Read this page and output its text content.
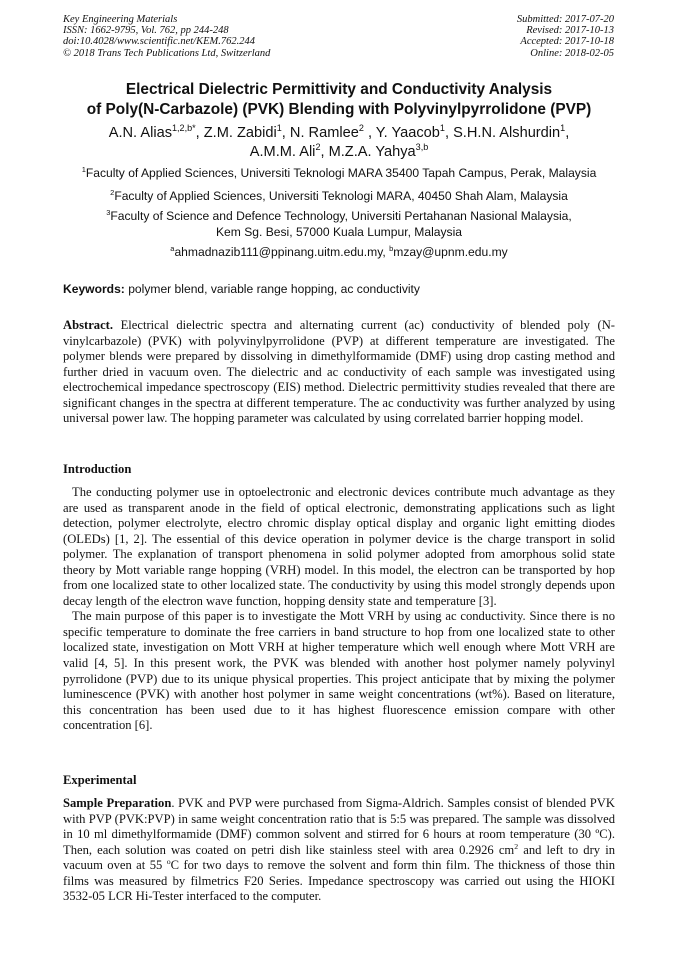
Key Engineering Materials
ISSN: 1662-9795, Vol. 762, pp 244-248
doi:10.4028/www.scientific.net/KEM.762.244
© 2018 Trans Tech Publications Ltd, Switzerland
Submitted: 2017-07-20
Revised: 2017-10-13
Accepted: 2017-10-18
Online: 2018-02-05
Electrical Dielectric Permittivity and Conductivity Analysis
of Poly(N-Carbazole) (PVK) Blending with Polyvinylpyrrolidone (PVP)
A.N. Alias$^{1,2,b*}$, Z.M. Zabidi$^1$, N. Ramlee$^2$ , Y. Yaacob$^1$, S.H.N. Alshurdin$^1$,
A.M.M. Ali$^2$, M.Z.A. Yahya$^{3,b}$
$^1$Faculty of Applied Sciences, Universiti Teknologi MARA 35400 Tapah Campus, Perak, Malaysia
$^2$Faculty of Applied Sciences, Universiti Teknologi MARA, 40450 Shah Alam, Malaysia
$^3$Faculty of Science and Defence Technology, Universiti Pertahanan Nasional Malaysia,
Kem Sg. Besi, 57000 Kuala Lumpur, Malaysia
$^a$ahmadnazib111@ppinang.uitm.edu.my, $^b$mzay@upnm.edu.my
Keywords: polymer blend, variable range hopping, ac conductivity
Abstract. Electrical dielectric spectra and alternating current (ac) conductivity of blended poly (N-vinylcarbazole) (PVK) with polyvinylpyrrolidone (PVP) at different temperature are investigated. The polymer blends were prepared by dissolving in dimethylformamide (DMF) using drop casting method and further dried in vacuum oven. The dielectric and ac conductivity of each sample was investigated using electrochemical impedance spectroscopy (EIS) method. Dielectric permittivity studies revealed that there are significant changes in the spectra at different temperature. The ac conductivity was further analyzed by using universal power law. The hopping parameter was calculated by using correlated barrier hopping model.
Introduction
The conducting polymer use in optoelectronic and electronic devices contribute much advantage as they are used as transparent anode in the field of optical electronic, demonstrating applications such as light detection, polymer electrolyte, electro chromic display optical display and organic light emitting diodes (OLEDs) [1, 2]. The essential of this device operation in polymer device is the charge transport in solid polymer. The explanation of transport phenomena in solid polymer adopted from amorphous solid state theory by Mott variable range hopping (VRH) model. In this model, the electron can be transported by hop from one localized state to other localized state. The conductivity by using this model strongly depends upon decay length of the electron wave function, hopping density state and temperature [3].
The main purpose of this paper is to investigate the Mott VRH by using ac conductivity. Since there is no specific temperature to dominate the free carriers in band structure to hop from one localized state to other localized state, investigation on Mott VRH at higher temperature which well enough where Mott VRH are valid [4, 5]. In this present work, the PVK was blended with another host polymer namely polyvinyl pyrrolidone (PVP) due to its unique physical properties. This project anticipate that by mixing the polymer luminescence (PVK) with another host polymer in same weight concentrations (wt%). Based on literature, this concentration has been used due to it has highest fluorescence emission compare with other concentration [6].
Experimental
Sample Preparation. PVK and PVP were purchased from Sigma-Aldrich. Samples consist of blended PVK with PVP (PVK:PVP) in same weight concentration ratio that is 5:5 was prepared. The sample was dissolved in 10 ml dimethylformamide (DMF) common solvent and stirred for 6 hours at room temperature (30 ºC). Then, each solution was coated on petri dish like stainless steel with area 0.2926 $cm^2$ and left to dry in vacuum oven at 55 $^o$C for two days to remove the solvent and form thin film. The thickness of those thin films was measured by filmetrics F20 Series. Impedance spectroscopy was carried out using the HIOKI 3532-05 LCR Hi-Tester interfaced to the computer.
